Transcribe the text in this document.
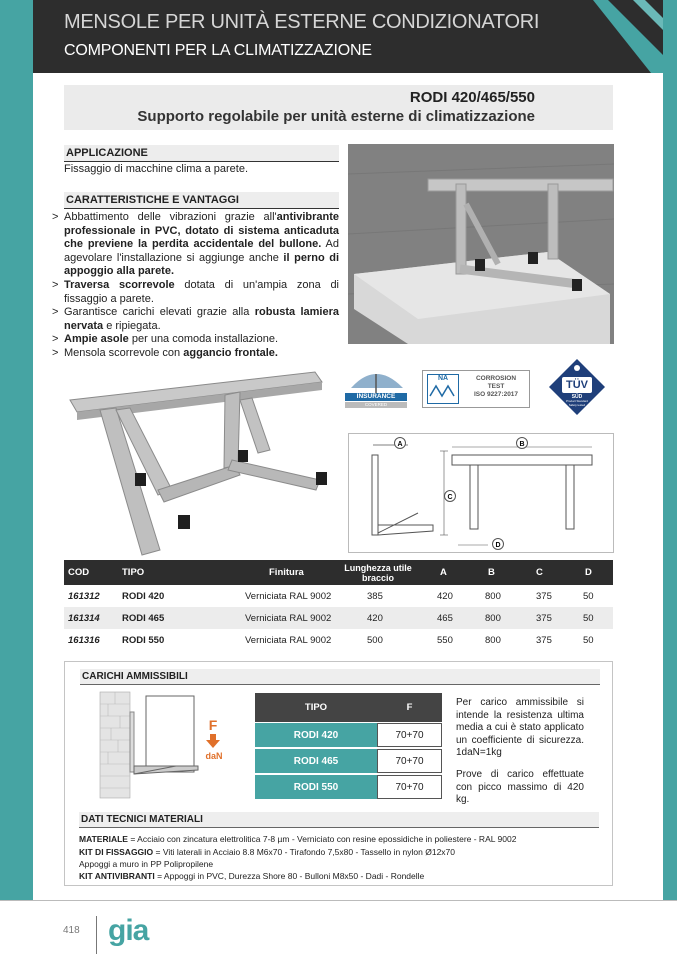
MENSOLE PER UNITÀ ESTERNE CONDIZIONATORI
COMPONENTI PER LA CLIMATIZZAZIONE
RODI 420/465/550
Supporto regolabile per unità esterne di climatizzazione
APPLICAZIONE
Fissaggio di macchine clima a parete.
CARATTERISTICHE E VANTAGGI
> Abbattimento delle vibrazioni grazie all'antivibrante professionale in PVC, dotato di sistema anticaduta che previene la perdita accidentale del bullone. Ad agevolare l'installazione si aggiunge anche il perno di appoggio alla parete.
> Traversa scorrevole dotata di un'ampia zona di fissaggio a parete.
> Garantisce carichi elevati grazie alla robusta lamiera nervata e ripiegata.
> Ampie asole per una comoda installazione.
> Mensola scorrevole con aggancio frontale.
INSURANCE
COVERED
NA	CORROSION
TEST
ISO 9227:2017
TÜV
SÜD
Product Standard
Safety tested
A	B
C
D
COD	TIPO	Finitura	Lunghezza utile braccio	A	B	C	D
161312 RODI 420	Verniciata RAL 9002	385	420	800	375	50
161314 RODI 465	Verniciata RAL 9002	420	465	800	375	50
161316 RODI 550	Verniciata RAL 9002	500	550	800	375	50
CARICHI AMMISSIBILI
F
daN
TIPO	F
RODI 420	70+70
RODI 465	70+70
RODI 550	70+70
Per carico ammissibile si intende la resistenza ultima media a cui è stato applicato un coefficiente di sicurezza. 1daN=1kg
Prove di carico effettuate con picco massimo di 420 kg.
DATI TECNICI MATERIALI
MATERIALE = Acciaio con zincatura elettrolitica 7-8 µm - Verniciato con resine epossidiche in poliestere - RAL 9002
KIT DI FISSAGGIO = Viti laterali in Acciaio 8.8 M6x70 - Tirafondo 7,5x80 - Tassello in nylon Ø12x70
Appoggi a muro in PP Polipropilene
KIT ANTIVIBRANTI = Appoggi in PVC, Durezza Shore 80 - Bulloni M8x50 - Dadi - Rondelle
418 gia
